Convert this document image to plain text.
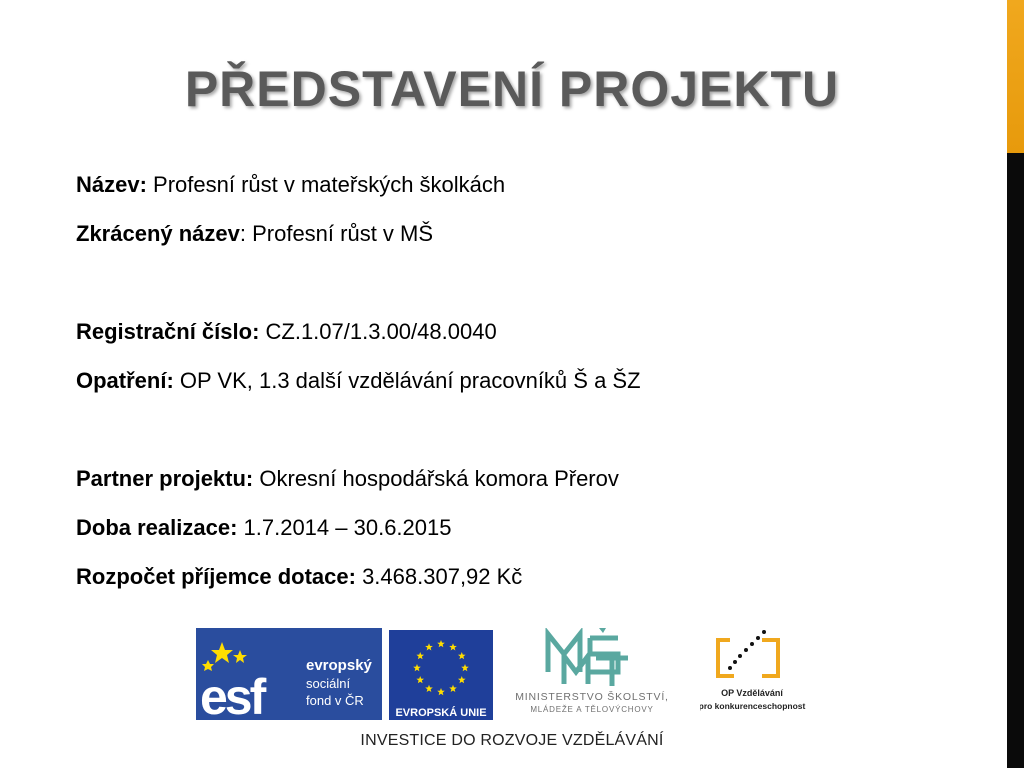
PŘEDSTAVENÍ PROJEKTU
Název: Profesní růst v mateřských školkách
Zkrácený název: Profesní růst v MŠ
Registrační číslo: CZ.1.07/1.3.00/48.0040
Opatření: OP VK, 1.3 další vzdělávání pracovníků Š a ŠZ
Partner projektu: Okresní hospodářská komora Přerov
Doba realizace: 1.7.2014 – 30.6.2015
Rozpočet příjemce dotace: 3.468.307,92 Kč
esf
evropský
sociální
fond v ČR
EVROPSKÁ UNIE
MINISTERSTVO ŠKOLSTVÍ,
MLÁDEŽE A TĚLOVÝCHOVY
OP Vzdělávání
pro konkurenceschopnost
INVESTICE DO ROZVOJE VZDĚLÁVÁNÍ
